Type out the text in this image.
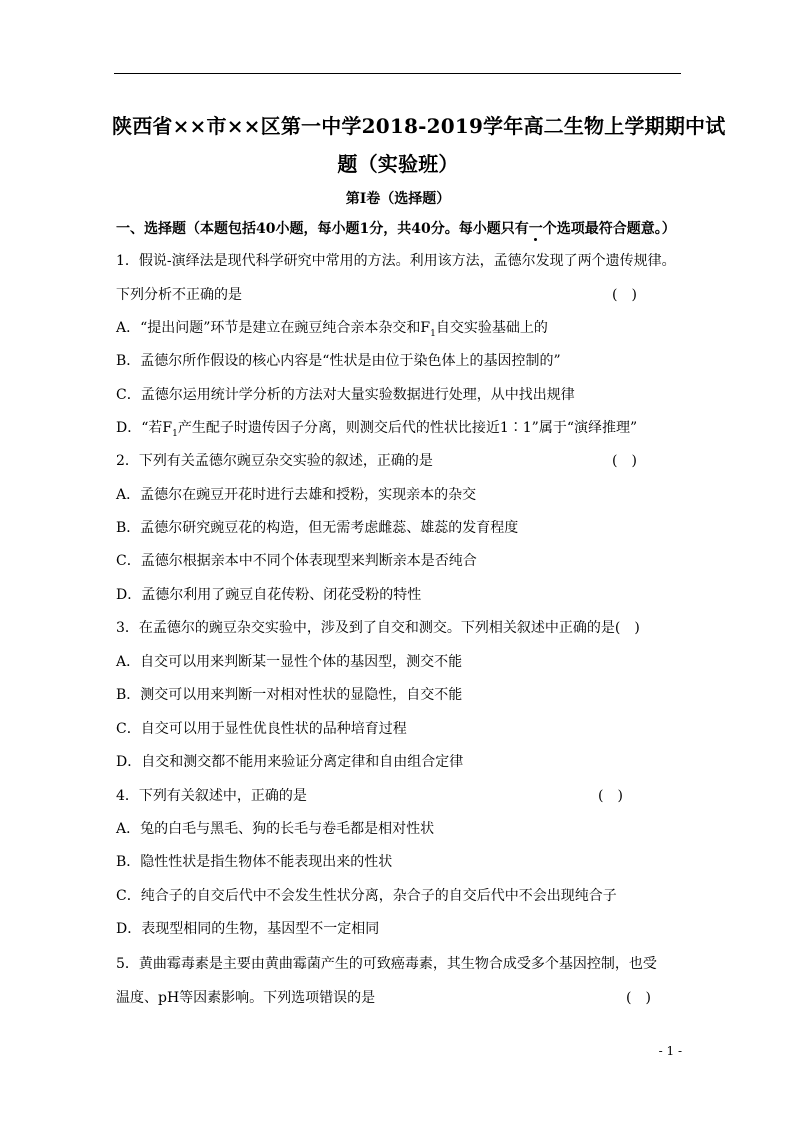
陕西省××市××区第一中学2018-2019学年高二生物上学期期中试
题（实验班）
第Ⅰ卷（选择题）
一、选择题（本题包括40小题，每小题1分，共40分。每小题只有一个选项最符合题意。）
1．假说-演绎法是现代科学研究中常用的方法。利用该方法，孟德尔发现了两个遗传规律。
下列分析不正确的是	(　)
A．“提出问题”环节是建立在豌豆纯合亲本杂交和$F_1$自交实验基础上的
B．孟德尔所作假设的核心内容是“性状是由位于染色体上的基因控制的”
C．孟德尔运用统计学分析的方法对大量实验数据进行处理，从中找出规律
D．“若$F_1$产生配子时遗传因子分离，则测交后代的性状比接近1∶1”属于“演绎推理”
2．下列有关孟德尔豌豆杂交实验的叙述，正确的是	(　)
A．孟德尔在豌豆开花时进行去雄和授粉，实现亲本的杂交
B．孟德尔研究豌豆花的构造，但无需考虑雌蕊、雄蕊的发育程度
C．孟德尔根据亲本中不同个体表现型来判断亲本是否纯合
D．孟德尔利用了豌豆自花传粉、闭花受粉的特性
3．在孟德尔的豌豆杂交实验中，涉及到了自交和测交。下列相关叙述中正确的是(　)
A．自交可以用来判断某一显性个体的基因型，测交不能
B．测交可以用来判断一对相对性状的显隐性，自交不能
C．自交可以用于显性优良性状的品种培育过程
D．自交和测交都不能用来验证分离定律和自由组合定律
4．下列有关叙述中，正确的是	(　)
A．兔的白毛与黑毛、狗的长毛与卷毛都是相对性状
B．隐性性状是指生物体不能表现出来的性状
C．纯合子的自交后代中不会发生性状分离，杂合子的自交后代中不会出现纯合子
D．表现型相同的生物，基因型不一定相同
5．黄曲霉毒素是主要由黄曲霉菌产生的可致癌毒素，其生物合成受多个基因控制，也受
温度、pH等因素影响。下列选项错误的是	(　)
- 1 -
